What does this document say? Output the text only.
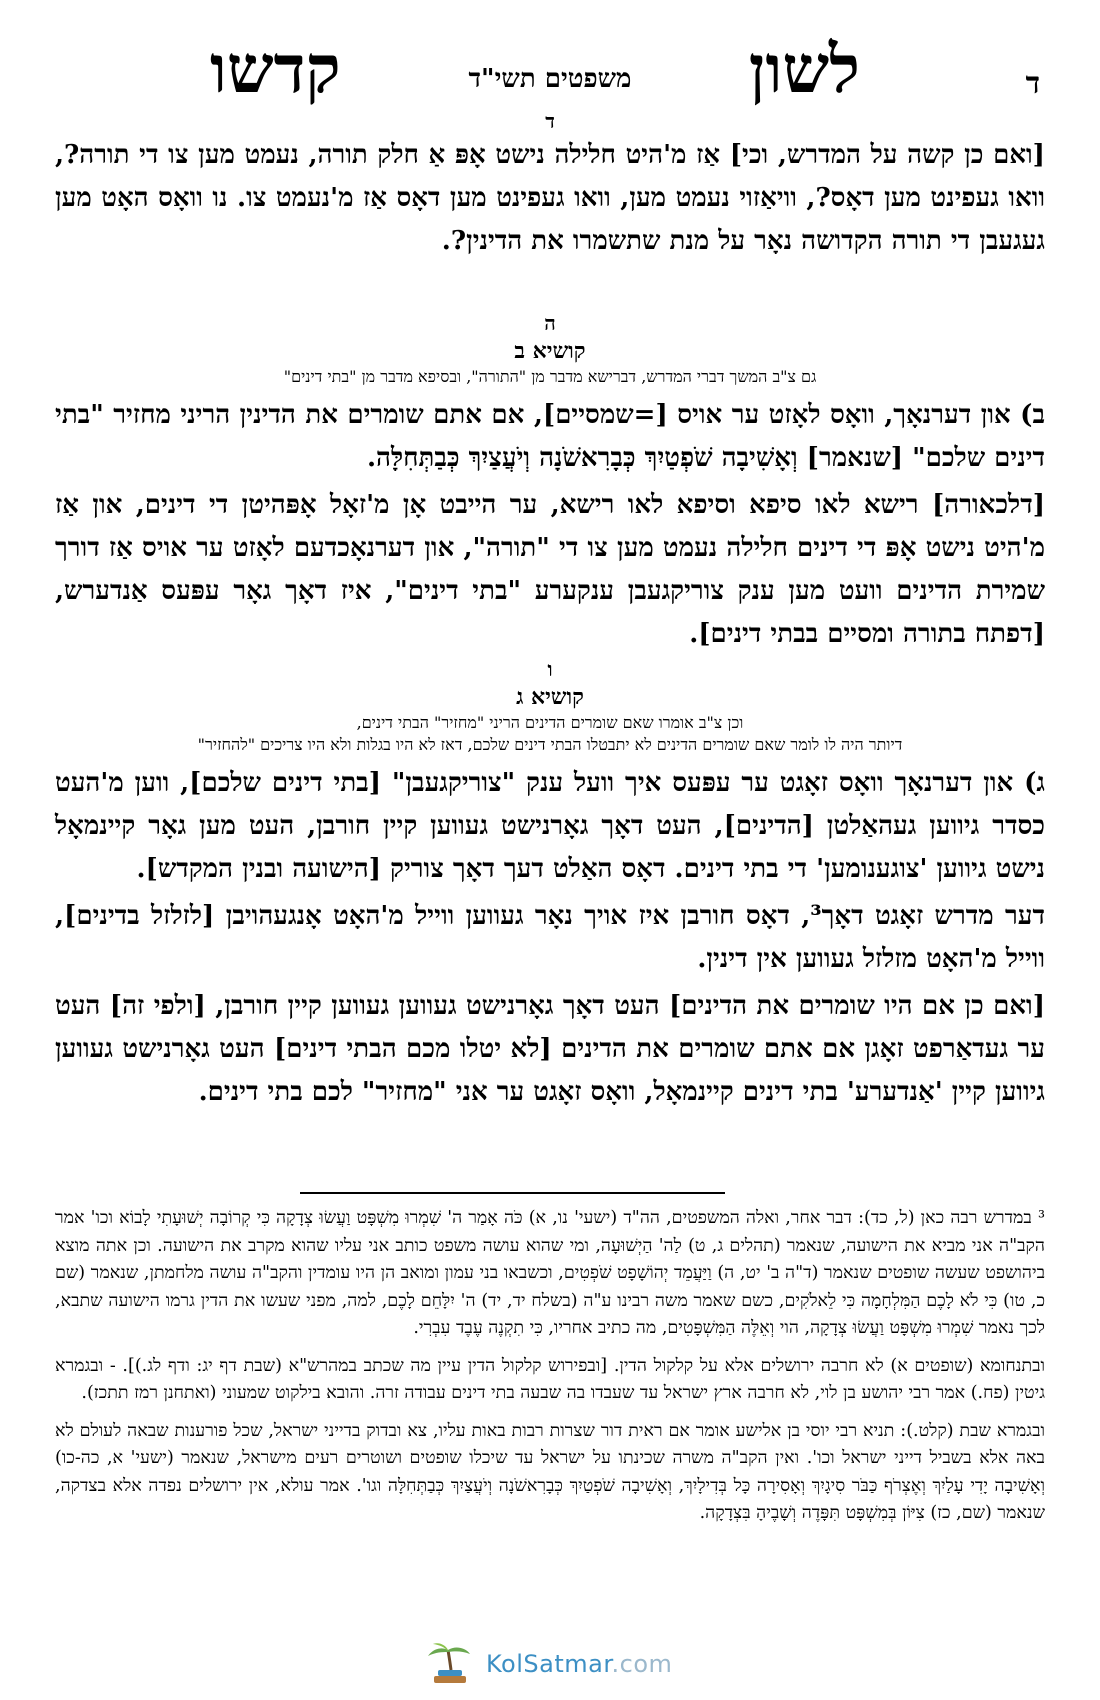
ד
לשון
משפטים תשי"ד
קדשו
ד

[ואם כן קשה על המדרש, וכי] אַז מ'היט חלילה נישט אָפּ אַ חלק תורה, נעמט מען צו די תורה?, וואו געפינט מען דאָס?, וויאַזוי נעמט מען, וואו געפינט מען דאָס אַז מ'נעמט צו. נו וואָס האָט מען געגעבן די תורה הקדושה נאָר על מנת שתשמרו את הדינין?.

ה
קושיא ב
גם צ"ב המשך דברי המדרש, דברישא מדבר מן "התורה", ובסיפא מדבר מן "בתי דינים"

ב) און דערנאָך, וואָס לאָזט ער אויס [=שמסיים], אם אתם שומרים את הדינין הריני מחזיר "בתי דינים שלכם" [שנאמר] וְאָשִׁיבָה שֹׁפְטַיִךְ כְּבָרִאשֹׁנָה וְיֹעֲצַיִךְ כְּבַתְּחִלָּה.

[דלכאורה] רישא לאו סיפא וסיפא לאו רישא, ער הייבט אָן מ'זאָל אָפּהיטן די דינים, און אַז מ'היט נישט אָפּ די דינים חלילה נעמט מען צו די "תורה", און דערנאָכדעם לאָזט ער אויס אַז דורך שמירת הדינים וועט מען ענק צוריקגעבן ענקערע "בתי דינים", איז דאָך גאָר עפּעס אַנדערש, [דפתח בתורה ומסיים בבתי דינים].

ו
קושיא ג
וכן צ"ב אומרו שאם שומרים הדינים הריני "מחזיר" הבתי דינים,
דיותר היה לו לומר שאם שומרים הדינים לא יתבטלו הבתי דינים שלכם, דאז לא היו בגלות ולא היו צריכים "להחזיר"

ג) און דערנאָך וואָס זאָגט ער עפּעס איך וועל ענק "צוריקגעבן" [בתי דינים שלכם], ווען מ'העט כסדר גיווען געהאַלטן [הדינים], העט דאָך גאָרנישט געווען קיין חורבן, העט מען גאָר קיינמאָל נישט גיווען 'צוגענומען' די בתי דינים. דאָס האַלט דעך דאָך צוריק [הישועה ובנין המקדש].

דער מדרש זאָגט דאָך³, דאָס חורבן איז אויך נאָר געווען ווייל מ'האָט אָנגעהויבן [לזלזל בדינים], ווייל מ'האָט מזלזל געווען אין דינין.

[ואם כן אם היו שומרים את הדינים] העט דאָך גאָרנישט געווען געווען קיין חורבן, [ולפי זה] העט ער געדאַרפט זאָגן אם אתם שומרים את הדינים [לא יטלו מכם הבתי דינים] העט גאָרנישט געווען גיווען קיין 'אַנדערע' בתי דינים קיינמאָל, וואָס זאָגט ער אני "מחזיר" לכם בתי דינים.

³ במדרש רבה כאן (ל, כד): דבר אחר, ואלה המשפטים, הה"ד (ישעי' נו, א) כֹּה אָמַר ה' שִׁמְרוּ מִשְׁפָּט וַעֲשׂוּ צְדָקָה כִּי קְרוֹבָה יְשׁוּעָתִי לָבוֹא וכו' אמר הקב"ה אני מביא את הישועה, שנאמר (תהלים ג, ט) לַה' הַיְשׁוּעָה, ומי שהוא עושה משפט כותב אני עליו שהוא מקרב את הישועה. וכן אתה מוצא ביהושפט שעשה שופטים שנאמר (ד"ה ב' יט, ה) וַיַּעֲמֵד יְהוֹשָׁפָט שֹׁפְטִים, וכשבאו בני עמון ומואב הן היו עומדין והקב"ה עושה מלחמתן, שנאמר (שם כ, טו) כִּי לֹא לָכֶם הַמִּלְחָמָה כִּי לֵאלֹקִים, כשם שאמר משה רבינו ע"ה (בשלח יד, יד) ה' יִלָּחֵם לָכֶם, למה, מפני שעשו את הדין גרמו הישועה שתבא, לכך נאמר שִׁמְרוּ מִשְׁפָּט וַעֲשׂוּ צְדָקָה, הוי וְאֵלֶּה הַמִּשְׁפָּטִים, מה כתיב אחריו, כִּי תִקְנֶה עֶבֶד עִבְרִי.

ובתנחומא (שופטים א) לא חרבה ירושלים אלא על קלקול הדין. [ובפירוש קלקול הדין עיין מה שכתב במהרש"א (שבת דף יג: ודף לג.)]. - ובגמרא גיטין (פח.) אמר רבי יהושע בן לוי, לא חרבה ארץ ישראל עד שעבדו בה שבעה בתי דינים עבודה זרה. והובא בילקוט שמעוני (ואתחנן רמז תתכז).

ובגמרא שבת (קלט.): תניא רבי יוסי בן אלישע אומר אם ראית דור שצרות רבות באות עליו, צא ובדוק בדייני ישראל, שכל פורענות שבאה לעולם לא באה אלא בשביל דייני ישראל וכו'. ואין הקב"ה משרה שכינתו על ישראל עד שיכלו שופטים ושוטרים רעים מישראל, שנאמר (ישעי' א, כה-כו) וְאָשִׁיבָה יָדִי עָלַיִךְ וְאֶצְרֹף כַּבֹּר סִיגָיִךְ וְאָסִירָה כָּל בְּדִילָיִךְ, וְאָשִׁיבָה שֹׁפְטַיִךְ כְּבָרִאשֹׁנָה וְיֹעֲצַיִךְ כְּבַתְּחִלָּה וגו'. אמר עולא, אין ירושלים נפדה אלא בצדקה, שנאמר (שם, כז) צִיּוֹן בְּמִשְׁפָּט תִּפָּדֶה וְשָׁבֶיהָ בִּצְדָקָה.

KolSatmar.com
